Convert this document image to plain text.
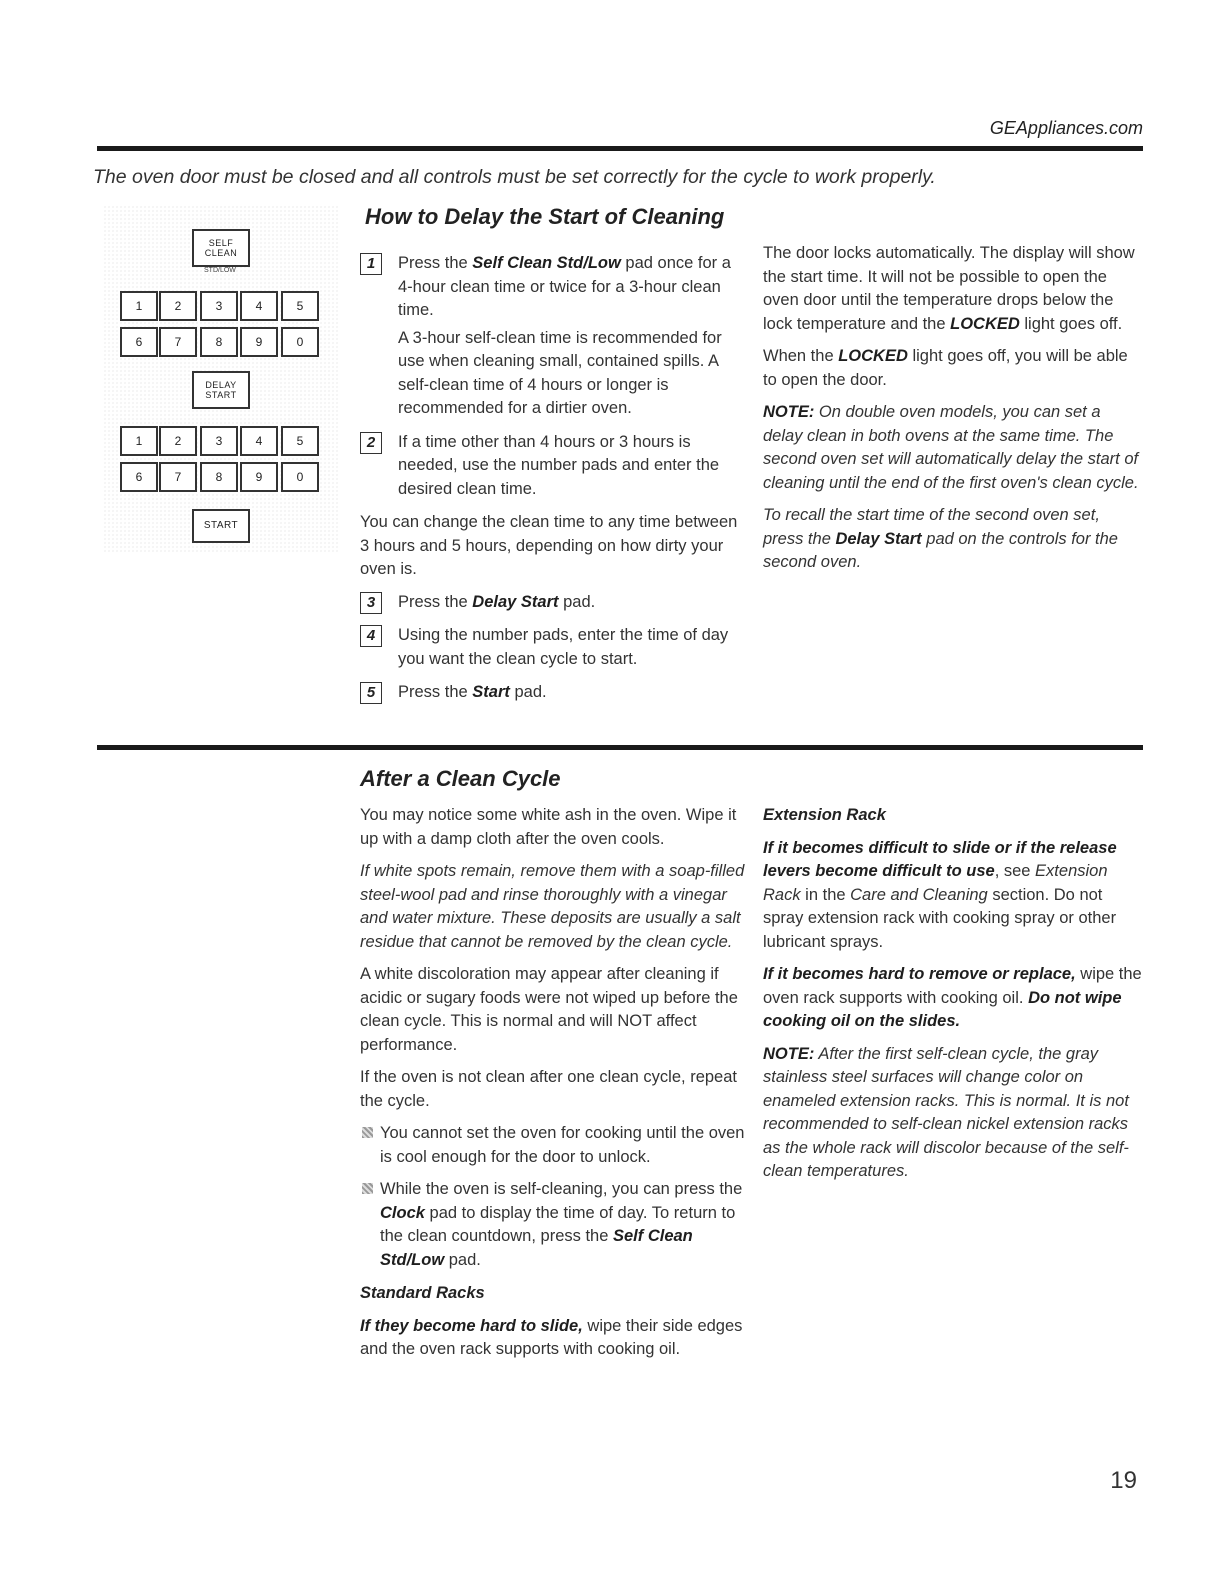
GEAppliances.com
The oven door must be closed and all controls must be set correctly for the cycle to work properly.
SELF
CLEAN
STD/LOW
1	2	3	4	5
6	7	8	9	0
DELAY
START
1	2	3	4	5
6	7	8	9	0
START
How to Delay the Start of Cleaning
1	Press the Self Clean Std/Low pad once for a 4-hour clean time or twice for a 3-hour clean time.
A 3-hour self-clean time is recommended for use when cleaning small, contained spills. A self-clean time of 4 hours or longer is recommended for a dirtier oven.
2	If a time other than 4 hours or 3 hours is needed, use the number pads and enter the desired clean time.

You can change the clean time to any time between 3 hours and 5 hours, depending on how dirty your oven is.

3	Press the Delay Start pad.
4	Using the number pads, enter the time of day you want the clean cycle to start.
5	Press the Start pad.

The door locks automatically. The display will show the start time. It will not be possible to open the oven door until the temperature drops below the lock temperature and the LOCKED light goes off.

When the LOCKED light goes off, you will be able to open the door.

NOTE: On double oven models, you can set a delay clean in both ovens at the same time. The second oven set will automatically delay the start of cleaning until the end of the first oven's clean cycle.

To recall the start time of the second oven set, press the Delay Start pad on the controls for the second oven.

After a Clean Cycle

You may notice some white ash in the oven. Wipe it up with a damp cloth after the oven cools.

If white spots remain, remove them with a soap-filled steel-wool pad and rinse thoroughly with a vinegar and water mixture. These deposits are usually a salt residue that cannot be removed by the clean cycle.

A white discoloration may appear after cleaning if acidic or sugary foods were not wiped up before the clean cycle. This is normal and will NOT affect performance.

If the oven is not clean after one clean cycle, repeat the cycle.

You cannot set the oven for cooking until the oven is cool enough for the door to unlock.
While the oven is self-cleaning, you can press the Clock pad to display the time of day. To return to the clean countdown, press the Self Clean Std/Low pad.

Standard Racks

If they become hard to slide, wipe their side edges and the oven rack supports with cooking oil.

Extension Rack

If it becomes difficult to slide or if the release levers become difficult to use, see Extension Rack in the Care and Cleaning section. Do not spray extension rack with cooking spray or other lubricant sprays.

If it becomes hard to remove or replace, wipe the oven rack supports with cooking oil. Do not wipe cooking oil on the slides.

NOTE: After the first self-clean cycle, the gray stainless steel surfaces will change color on enameled extension racks. This is normal. It is not recommended to self-clean nickel extension racks as the whole rack will discolor because of the self-clean temperatures.

19
